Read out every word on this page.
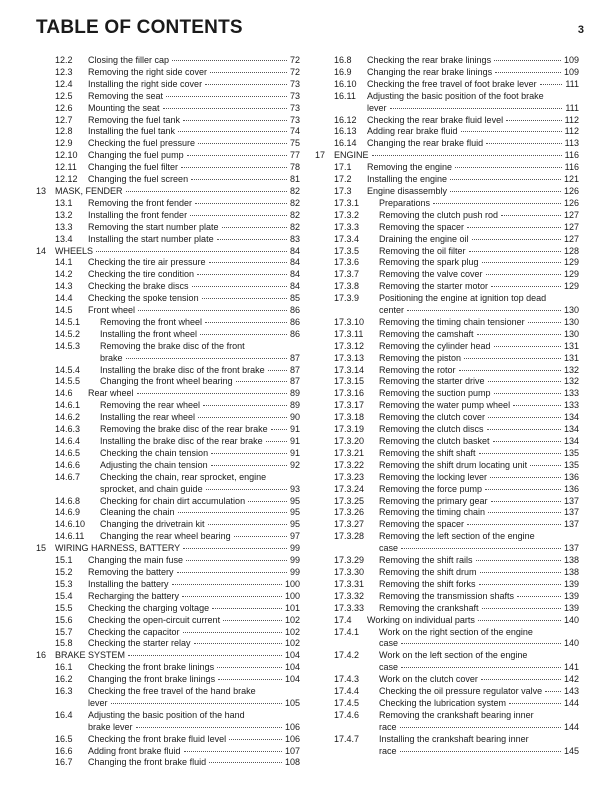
TABLE OF CONTENTS	3
12.2 Closing the filler cap	72
12.3 Removing the right side cover	72
12.4 Installing the right side cover	73
12.5 Removing the seat	73
12.6 Mounting the seat	73
12.7 Removing the fuel tank	73
12.8 Installing the fuel tank	74
12.9 Checking the fuel pressure	75
12.10 Changing the fuel pump	77
12.11 Changing the fuel filter	78
12.12 Changing the fuel screen	81
13 MASK, FENDER	82
13.1 Removing the front fender	82
13.2 Installing the front fender	82
13.3 Removing the start number plate	82
13.4 Installing the start number plate	83
14 WHEELS	84
14.1 Checking the tire air pressure	84
14.2 Checking the tire condition	84
14.3 Checking the brake discs	84
14.4 Checking the spoke tension	85
14.5 Front wheel	86
14.5.1 Removing the front wheel	86
14.5.2 Installing the front wheel	86
14.5.3 Removing the brake disc of the front
brake	87
14.5.4 Installing the brake disc of the front brake	87
14.5.5 Changing the front wheel bearing	87
14.6 Rear wheel	89
14.6.1 Removing the rear wheel	89
14.6.2 Installing the rear wheel	90
14.6.3 Removing the brake disc of the rear brake 91
14.6.4 Installing the brake disc of the rear brake	91
14.6.5 Checking the chain tension	91
14.6.6 Adjusting the chain tension	92
14.6.7 Checking the chain, rear sprocket, engine
sprocket, and chain guide	93
14.6.8 Checking for chain dirt accumulation	95
14.6.9 Cleaning the chain	95
14.6.10 Changing the drivetrain kit	95
14.6.11 Changing the rear wheel bearing	97
15 WIRING HARNESS, BATTERY	99
15.1 Changing the main fuse	99
15.2 Removing the battery	99
15.3 Installing the battery	100
15.4 Recharging the battery	100
15.5 Checking the charging voltage	101
15.6 Checking the open-circuit current	102
15.7 Checking the capacitor	102
15.8 Checking the starter relay	102
16 BRAKE SYSTEM	104
16.1 Checking the front brake linings	104
16.2 Changing the front brake linings	104
16.3 Checking the free travel of the hand brake
lever	105
16.4 Adjusting the basic position of the hand
brake lever	106
16.5 Checking the front brake fluid level	106
16.6 Adding front brake fluid	107
16.7 Changing the front brake fluid	108
16.8 Checking the rear brake linings	109
16.9 Changing the rear brake linings	109
16.10 Checking the free travel of foot brake lever	111
16.11 Adjusting the basic position of the foot brake
lever	111
16.12 Checking the rear brake fluid level	112
16.13 Adding rear brake fluid	112
16.14 Changing the rear brake fluid	113
17 ENGINE	116
17.1 Removing the engine	116
17.2 Installing the engine	121
17.3 Engine disassembly	126
17.3.1 Preparations	126
17.3.2 Removing the clutch push rod	127
17.3.3 Removing the spacer	127
17.3.4 Draining the engine oil	127
17.3.5 Removing the oil filter	128
17.3.6 Removing the spark plug	129
17.3.7 Removing the valve cover	129
17.3.8 Removing the starter motor	129
17.3.9 Positioning the engine at ignition top dead
center	130
17.3.10 Removing the timing chain tensioner	130
17.3.11 Removing the camshaft	130
17.3.12 Removing the cylinder head	131
17.3.13 Removing the piston	131
17.3.14 Removing the rotor	132
17.3.15 Removing the starter drive	132
17.3.16 Removing the suction pump	133
17.3.17 Removing the water pump wheel	133
17.3.18 Removing the clutch cover	134
17.3.19 Removing the clutch discs	134
17.3.20 Removing the clutch basket	134
17.3.21 Removing the shift shaft	135
17.3.22 Removing the shift drum locating unit	135
17.3.23 Removing the locking lever	136
17.3.24 Removing the force pump	136
17.3.25 Removing the primary gear	137
17.3.26 Removing the timing chain	137
17.3.27 Removing the spacer	137
17.3.28 Removing the left section of the engine
case	137
17.3.29 Removing the shift rails	138
17.3.30 Removing the shift drum	138
17.3.31 Removing the shift forks	139
17.3.32 Removing the transmission shafts	139
17.3.33 Removing the crankshaft	139
17.4 Working on individual parts	140
17.4.1 Work on the right section of the engine
case	140
17.4.2 Work on the left section of the engine
case	141
17.4.3 Work on the clutch cover	142
17.4.4 Checking the oil pressure regulator valve 143
17.4.5 Checking the lubrication system	144
17.4.6 Removing the crankshaft bearing inner
race	144
17.4.7 Installing the crankshaft bearing inner
race	145
